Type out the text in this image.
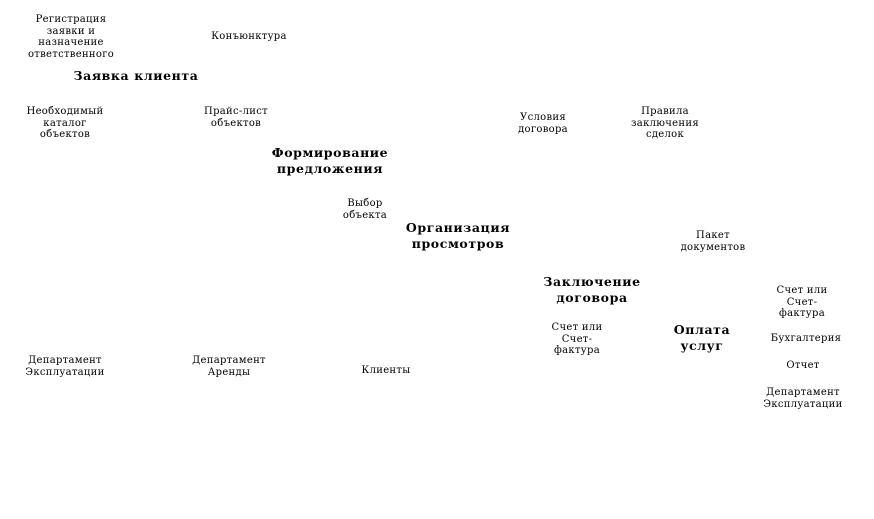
Регистрация
заявки и
назначение
ответственного
Конъюнктура
Заявка клиента
Необходимый
каталог
объектов
Прайс-лист
объектов
Формирование
предложения
Условия
договора
Правила
заключения
сделок
Выбор
объекта
Организация
просмотров
Пакет
документов
Заключение
договора
Счет или
Счет-
фактура
Счет или
Счет-
фактура
Оплата
услуг	Бухгалтерия
Отчет
Департамент
Эксплуатации
Департамент
Аренды	Клиенты
Департамент
Эксплуатации
